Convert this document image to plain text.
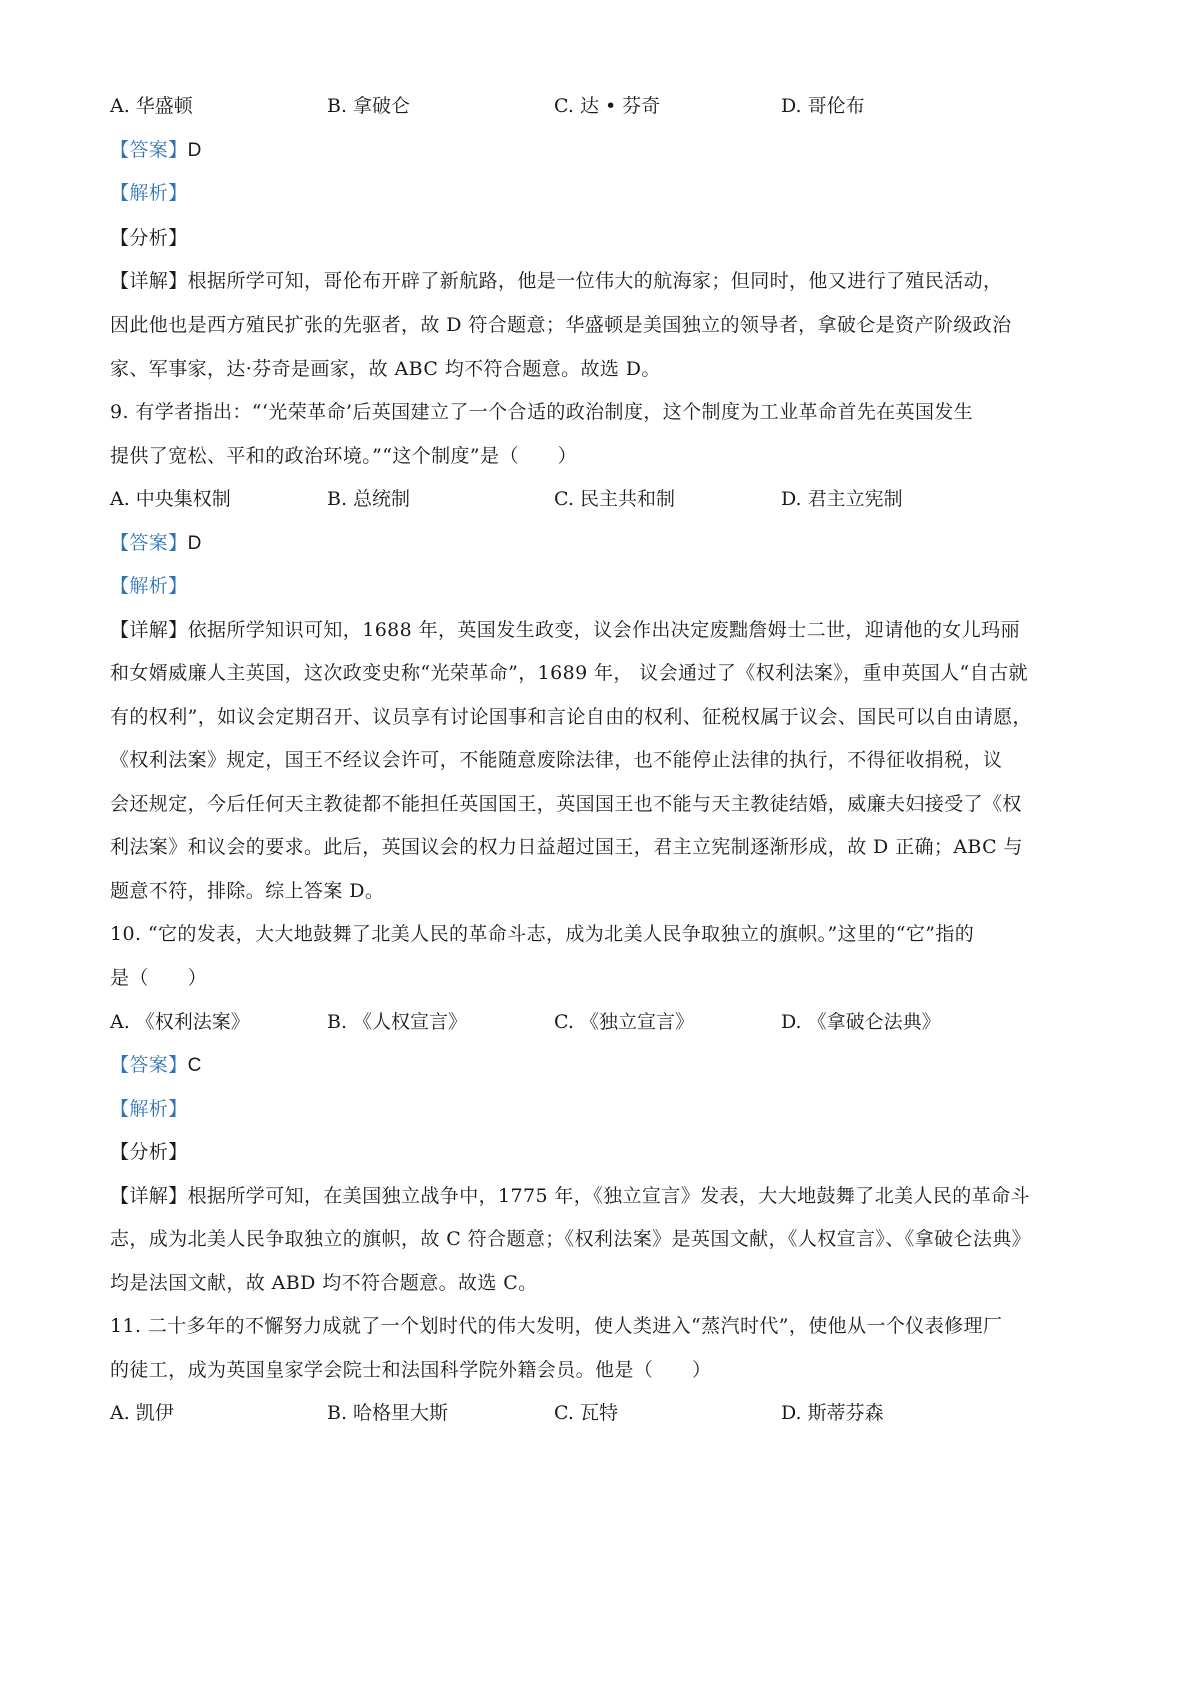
A. 华盛顿	B. 拿破仑	C. 达 • 芬奇	D. 哥伦布
【答案】D
【解析】
【分析】
【详解】根据所学可知，哥伦布开辟了新航路，他是一位伟大的航海家；但同时，他又进行了殖民活动，
因此他也是西方殖民扩张的先驱者，故 D 符合题意；华盛顿是美国独立的领导者，拿破仑是资产阶级政治
家、军事家，达·芬奇是画家，故 ABC 均不符合题意。故选 D。
9. 有学者指出：“‘光荣革命’后英国建立了一个合适的政治制度，这个制度为工业革命首先在英国发生
提供了宽松、平和的政治环境。”“这个制度”是（　　）
A. 中央集权制	B. 总统制	C. 民主共和制	D. 君主立宪制
【答案】D
【解析】
【详解】依据所学知识可知，1688 年，英国发生政变，议会作出决定废黜詹姆士二世，迎请他的女儿玛丽
和女婿威廉人主英国，这次政变史称“光荣革命”，1689 年， 议会通过了《权利法案》，重申英国人“自古就
有的权利”，如议会定期召开、议员享有讨论国事和言论自由的权利、征税权属于议会、国民可以自由请愿，
《权利法案》规定，国王不经议会许可，不能随意废除法律，也不能停止法律的执行，不得征收捐税，议
会还规定，今后任何天主教徒都不能担任英国国王，英国国王也不能与天主教徒结婚，威廉夫妇接受了《权
利法案》和议会的要求。此后，英国议会的权力日益超过国王，君主立宪制逐渐形成，故 D 正确；ABC 与
题意不符，排除。综上答案 D。
10. “它的发表，大大地鼓舞了北美人民的革命斗志，成为北美人民争取独立的旗帜。”这里的“它”指的
是（　　）
A. 《权利法案》	B. 《人权宣言》	C. 《独立宣言》	D. 《拿破仑法典》
【答案】C
【解析】
【分析】
【详解】根据所学可知，在美国独立战争中，1775 年，《独立宣言》发表，大大地鼓舞了北美人民的革命斗
志，成为北美人民争取独立的旗帜，故 C 符合题意；《权利法案》是英国文献，《人权宣言》、《拿破仑法典》
均是法国文献，故 ABD 均不符合题意。故选 C。
11. 二十多年的不懈努力成就了一个划时代的伟大发明，使人类进入“蒸汽时代”，使他从一个仪表修理厂
的徒工，成为英国皇家学会院士和法国科学院外籍会员。他是（　　）
A. 凯伊	B. 哈格里大斯	C. 瓦特	D. 斯蒂芬森
